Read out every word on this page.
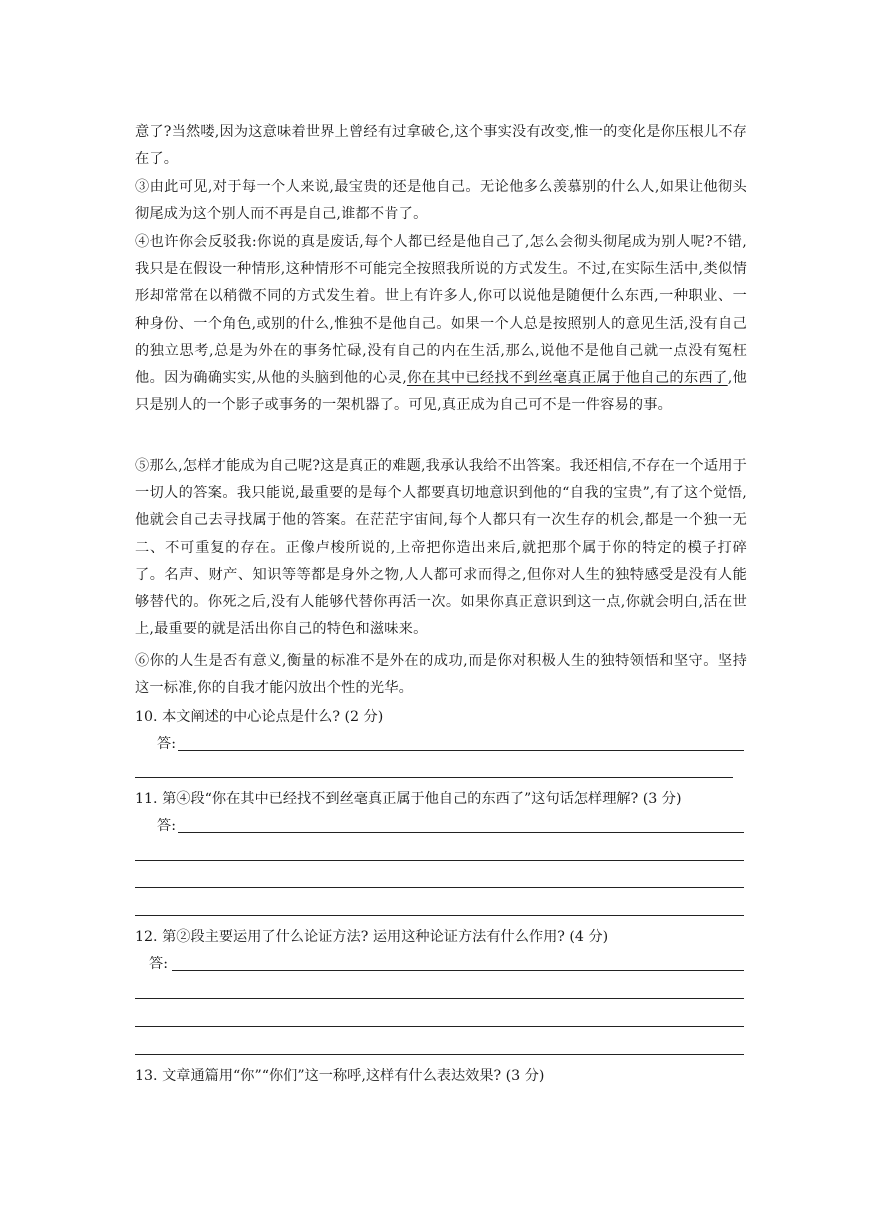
意了?当然喽,因为这意味着世界上曾经有过拿破仑,这个事实没有改变,惟一的变化是你压根儿不存在了。

③由此可见,对于每一个人来说,最宝贵的还是他自己。无论他多么羡慕别的什么人,如果让他彻头彻尾成为这个别人而不再是自己,谁都不肯了。

④也许你会反驳我:你说的真是废话,每个人都已经是他自己了,怎么会彻头彻尾成为别人呢?不错,我只是在假设一种情形,这种情形不可能完全按照我所说的方式发生。不过,在实际生活中,类似情形却常常在以稍微不同的方式发生着。世上有许多人,你可以说他是随便什么东西,一种职业、一种身份、一个角色,或别的什么,惟独不是他自己。如果一个人总是按照别人的意见生活,没有自己的独立思考,总是为外在的事务忙碌,没有自己的内在生活,那么,说他不是他自己就一点没有冤枉他。因为确确实实,从他的头脑到他的心灵,你在其中已经找不到丝毫真正属于他自己的东西了,他只是别人的一个影子或事务的一架机器了。可见,真正成为自己可不是一件容易的事。

⑤那么,怎样才能成为自己呢?这是真正的难题,我承认我给不出答案。我还相信,不存在一个适用于一切人的答案。我只能说,最重要的是每个人都要真切地意识到他的“自我的宝贵”,有了这个觉悟,他就会自己去寻找属于他的答案。在茫茫宇宙间,每个人都只有一次生存的机会,都是一个独一无二、不可重复的存在。正像卢梭所说的,上帝把你造出来后,就把那个属于你的特定的模子打碎了。名声、财产、知识等等都是身外之物,人人都可求而得之,但你对人生的独特感受是没有人能够替代的。你死之后,没有人能够代替你再活一次。如果你真正意识到这一点,你就会明白,活在世上,最重要的就是活出你自己的特色和滋味来。

⑥你的人生是否有意义,衡量的标准不是外在的成功,而是你对积极人生的独特领悟和坚守。坚持这一标准,你的自我才能闪放出个性的光华。

10. 本文阐述的中心论点是什么? (2 分)

答:

11. 第④段“你在其中已经找不到丝毫真正属于他自己的东西了”这句话怎样理解? (3 分)

答:

12. 第②段主要运用了什么论证方法? 运用这种论证方法有什么作用? (4 分)

答:

13. 文章通篇用“你”“你们”这一称呼,这样有什么表达效果? (3 分)
